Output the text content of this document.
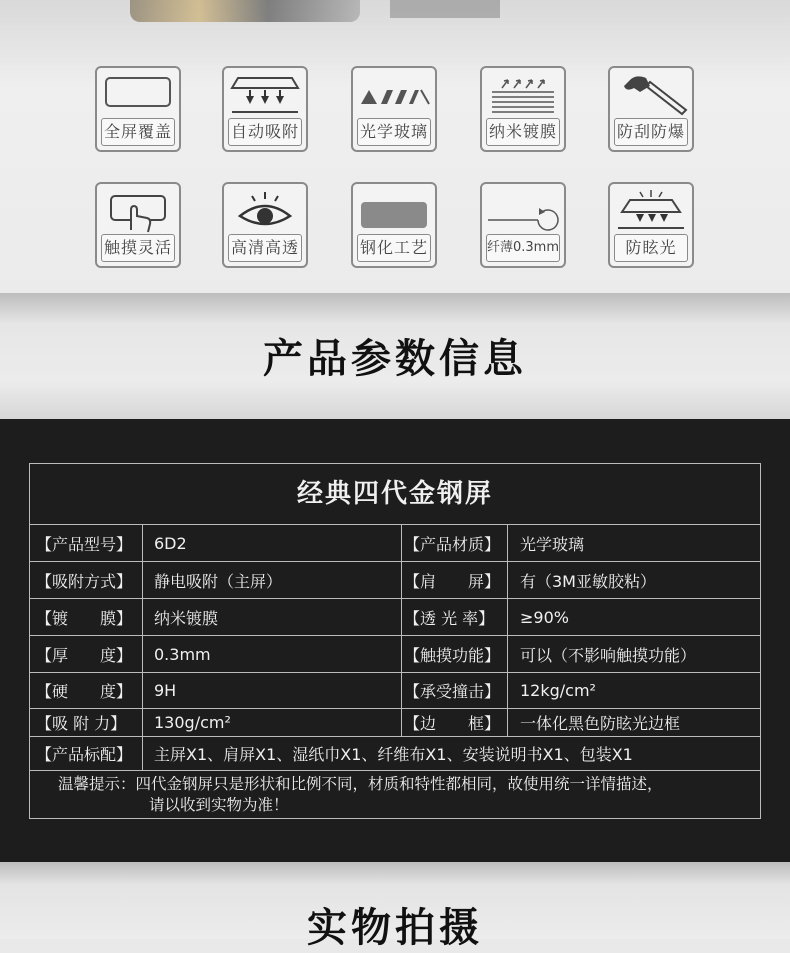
全屏覆盖	自动吸附	光学玻璃	纳米镀膜	防刮防爆
触摸灵活	高清高透	钢化工艺	纤薄0.3mm	防眩光
产品参数信息
经典四代金钢屏
【产品型号】 6D2	【产品材质】 光学玻璃
【吸附方式】 静电吸附（主屏）	【肩　　屏】 有（3M亚敏胶粘）
【镀　　膜】 纳米镀膜	【透 光 率】 ≥90%
【厚　　度】 0.3mm	【触摸功能】 可以（不影响触摸功能）
【硬　　度】 9H	【承受撞击】 12kg/cm²
【吸 附 力】 130g/cm²	【边　　框】 一体化黑色防眩光边框
【产品标配】 主屏X1、肩屏X1、湿纸巾X1、纤维布X1、安装说明书X1、包装X1
温馨提示：四代金钢屏只是形状和比例不同，材质和特性都相同，故使用统一详情描述，
请以收到实物为准！
实物拍摄
